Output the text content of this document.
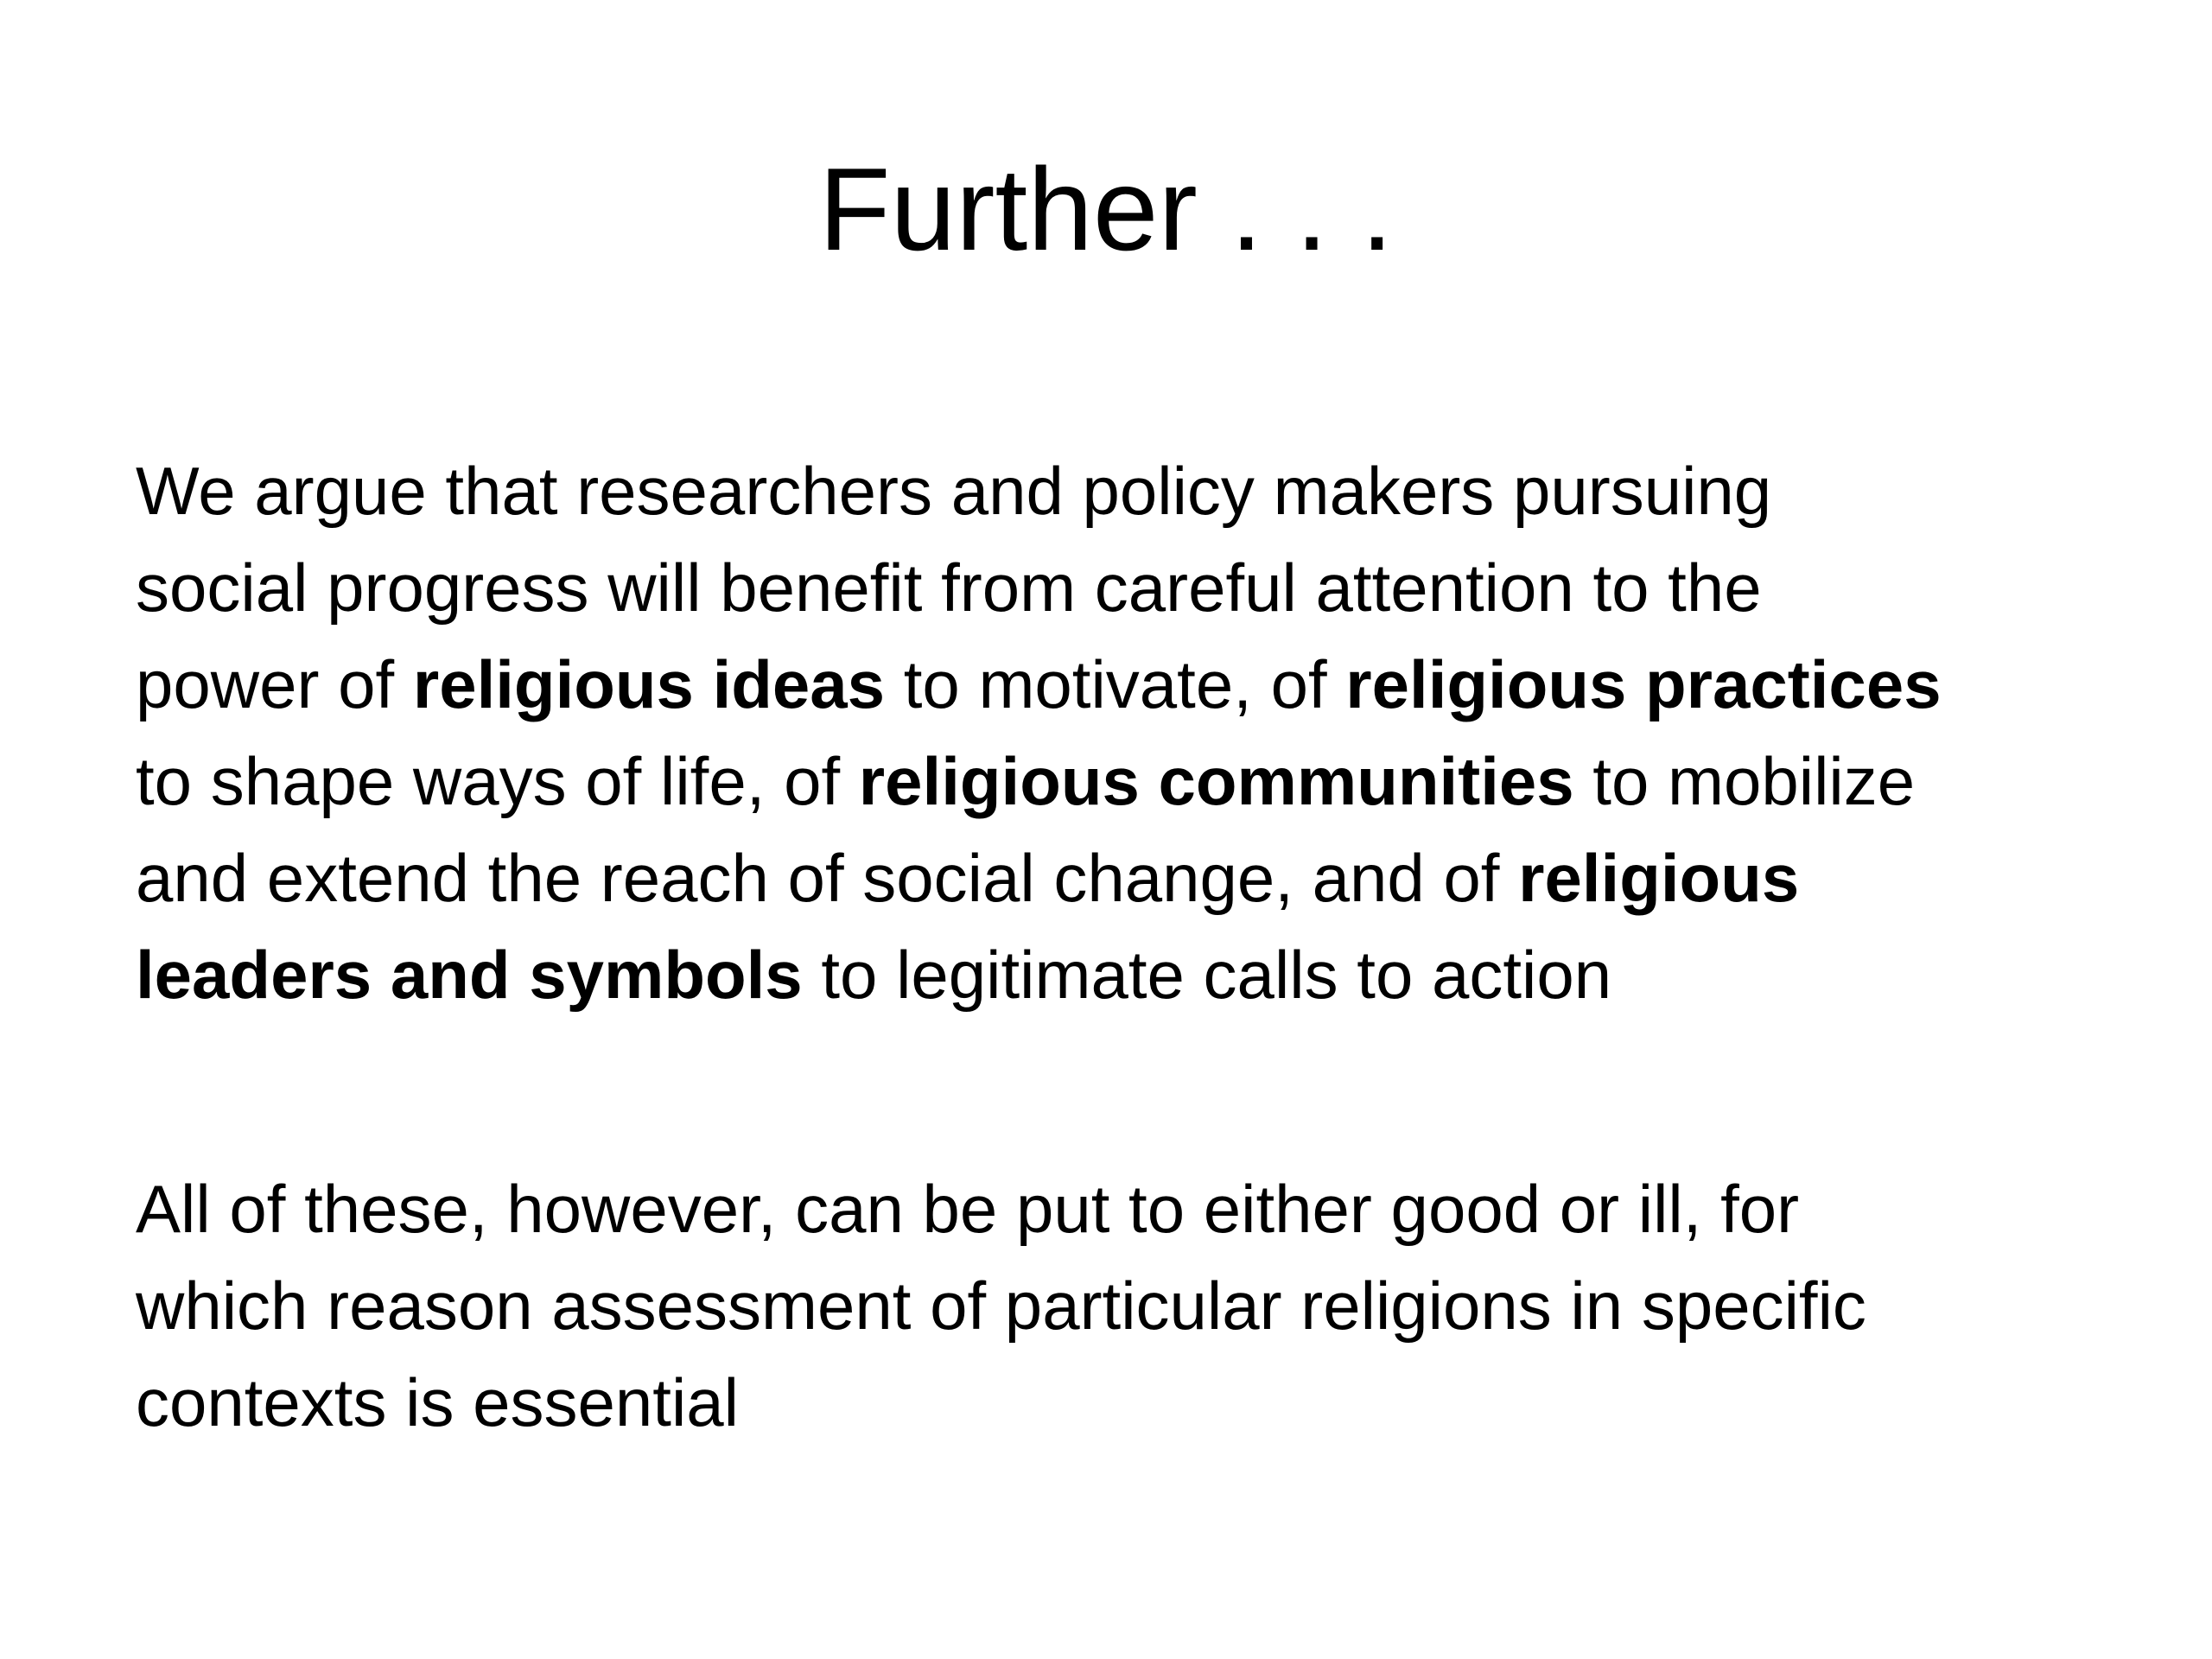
Further . . .

We argue that researchers and policy makers pursuing
social progress will benefit from careful attention to the
power of religious ideas to motivate, of religious practices
to shape ways of life, of religious communities to mobilize
and extend the reach of social change, and of religious
leaders and symbols to legitimate calls to action

All of these, however, can be put to either good or ill, for
which reason assessment of particular religions in specific
contexts is essential
